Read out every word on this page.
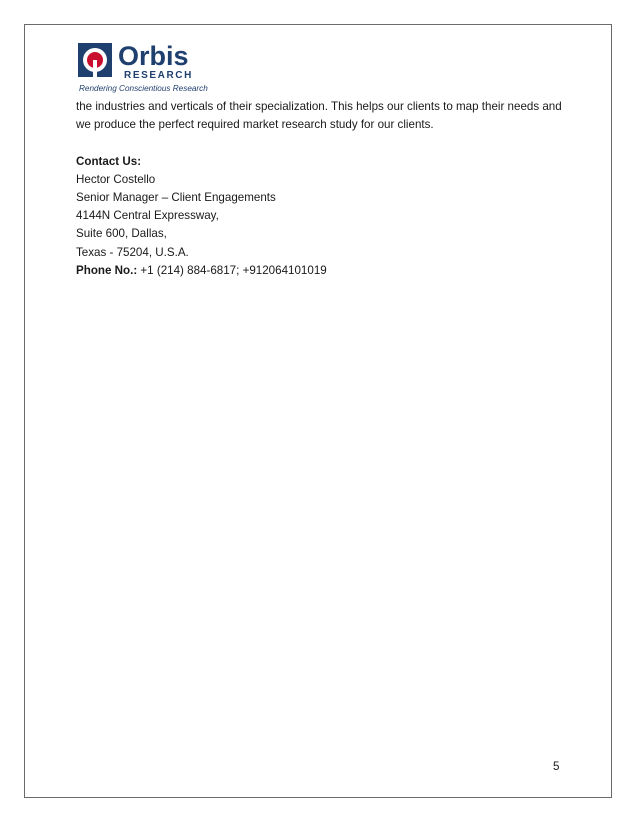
Orbis
RESEARCH
Rendering Conscientious Research

the industries and verticals of their specialization. This helps our clients to map their needs and

we produce the perfect required market research study for our clients.

Contact Us:

Hector Costello

Senior Manager – Client Engagements

4144N Central Expressway,

Suite 600, Dallas,

Texas - 75204, U.S.A.

Phone No.: +1 (214) 884-6817; +912064101019

5
